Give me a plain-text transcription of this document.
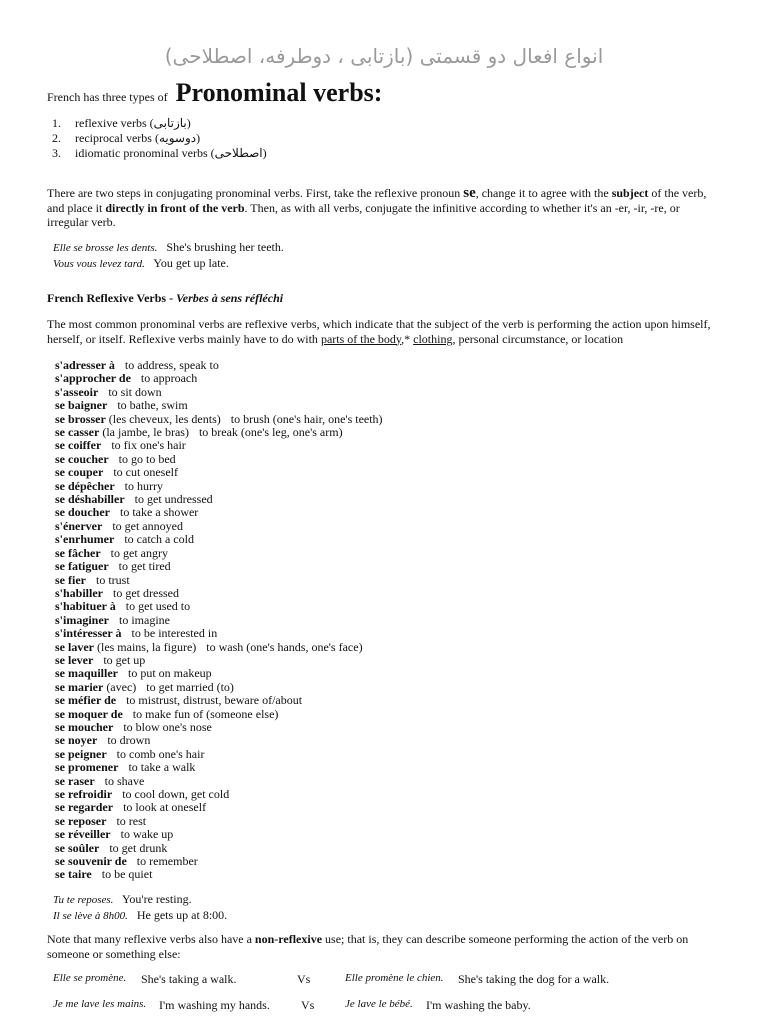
انواع افعال دو قسمتی (بازتابی ، دوطرفه، اصطلاحی)
French has three types of Pronominal verbs:
1.	reflexive verbs (بازتابی)
2.	reciprocal verbs (دوسویه)
3.	idiomatic pronominal verbs (اصطلاحی)
There are two steps in conjugating pronominal verbs. First, take the reflexive pronoun se, change it to agree with the subject of the verb, and place it directly in front of the verb. Then, as with all verbs, conjugate the infinitive according to whether it's an -er, -ir, -re, or irregular verb.
Elle se brosse les dents. She's brushing her teeth.
Vous vous levez tard. You get up late.
French Reflexive Verbs - Verbes à sens réfléchi
The most common pronominal verbs are reflexive verbs, which indicate that the subject of the verb is performing the action upon himself, herself, or itself. Reflexive verbs mainly have to do with parts of the body,* clothing, personal circumstance, or location
s'adresser à to address, speak to
s'approcher de to approach
s'asseoir to sit down
se baigner to bathe, swim
se brosser (les cheveux, les dents) to brush (one's hair, one's teeth)
se casser (la jambe, le bras) to break (one's leg, one's arm)
se coiffer to fix one's hair
se coucher to go to bed
se couper to cut oneself
se dépêcher to hurry
se déshabiller to get undressed
se doucher to take a shower
s'énerver to get annoyed
s'enrhumer to catch a cold
se fâcher to get angry
se fatiguer to get tired
se fier to trust
s'habiller to get dressed
s'habituer à to get used to
s'imaginer to imagine
s'intéresser à to be interested in
se laver (les mains, la figure) to wash (one's hands, one's face)
se lever to get up
se maquiller to put on makeup
se marier (avec) to get married (to)
se méfier de to mistrust, distrust, beware of/about
se moquer de to make fun of (someone else)
se moucher to blow one's nose
se noyer to drown
se peigner to comb one's hair
se promener to take a walk
se raser to shave
se refroidir to cool down, get cold
se regarder to look at oneself
se reposer to rest
se réveiller to wake up
se soûler to get drunk
se souvenir de to remember
se taire to be quiet
Tu te reposes. You're resting.
Il se lève à 8h00. He gets up at 8:00.
Note that many reflexive verbs also have a non-reflexive use; that is, they can describe someone performing the action of the verb on someone or something else:
Elle se promène. She's taking a walk.	Vs	Elle promène le chien. She's taking the dog for a walk.
Je me lave les mains. I'm washing my hands.	Vs	Je lave le bébé. I'm washing the baby.
